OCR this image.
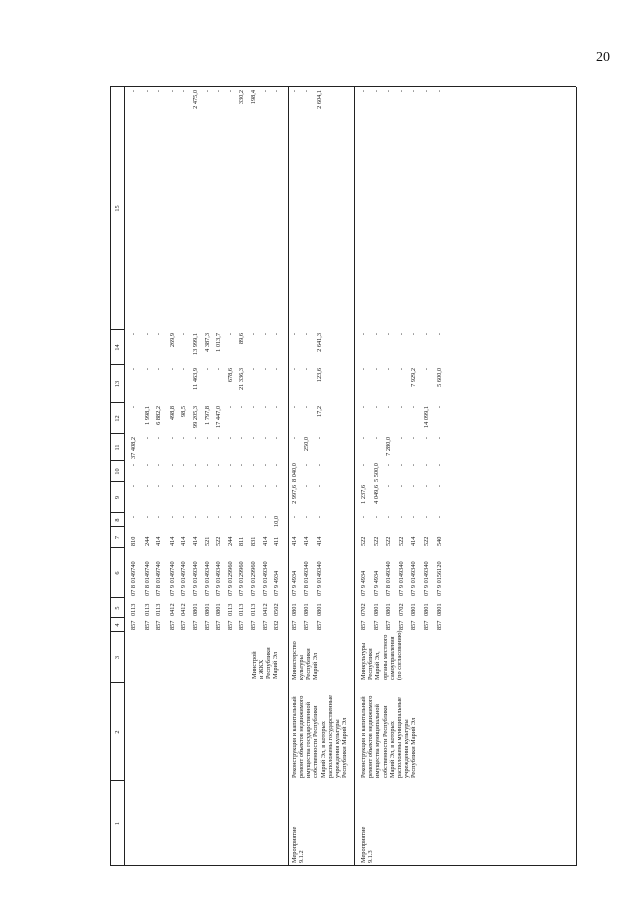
20
1
2
3
4
5
6
7
8
9
10
11
12
13
14
15
857
0113
07 8 0149740
810
-
-
-
37 408,2
-
-
-
-
857
0113
07 8 0149740
244
-
-
-
-
1 998,1
-
-
-
857
0113
07 8 0149740
414
-
-
-
-
6 882,2
-
-
-
857
0412
07 9 0149740
414
-
-
-
-
498,8
-
269,9
-
857
0412
07 9 0149740
414
-
-
-
-
98,5
-
-
-
857
0801
07 9 0149340
414
-
-
-
-
99 205,3
11 463,9
13 999,1
2 475,0
857
0801
07 9 0149340
521
-
-
-
-
1 797,8
-
4 387,3
-
857
0801
07 9 0149340
522
-
-
-
-
17 447,0
-
1 013,7
-
857
0113
07 9 0129960
244
-
-
-
-
-
678,6
-
-
857
0113
07 9 0129960
811
-
-
-
-
-
21 336,3
89,6
330,2
857
0113
07 9 0129960
831
-
-
-
-
-
-
-
198,4
857
0412
07 9 0149340
414
-
-
-
-
-
-
-
-
832
0502
07 9 4934
411
10,0
-
-
-
-
-
-
-
Минстрой
и ЖКХ
Республики
Марий Эл
Мероприятие
9.1.2
Реконструкция и капитальный
ремонт объектов недвижимого
имущества государственной
собственности Республики
Марий Эл, в которых
расположены государственные
учреждения культуры
Республики Марий Эл
Министерство
культуры
Республики
Марий Эл
857
0801
07 9 4934
414
-
2 997,6
8 040,0
-
-
-
-
-
857
0801
07 8 0149340
414
-
-
-
250,0
-
-
-
-
857
0801
07 9 0149340
414
-
-
-
-
17,2
123,6
2 641,3
2 604,1
Мероприятие
9.1.3
Реконструкция и капитальный
ремонт объектов недвижимого
имущества муниципальной
собственности Республики
Марий Эл, в которых
расположены муниципальные
учреждения культуры
Республики Марий Эл
Минкультуры
Республики
Марий Эл,
органы местного
самоуправления
(по согласованию)
857
0702
07 9 4934
522
-
1 237,6
-
-
-
-
-
-
857
0801
07 9 4934
522
-
4 049,6
5 500,0
-
-
-
-
-
857
0801
07 8 0149340
522
-
-
-
7 280,0
-
-
-
-
857
0702
07 9 0149340
522
-
-
-
-
-
-
-
-
857
0801
07 9 0149340
414
-
-
-
-
-
7 929,2
-
-
857
0801
07 9 0149340
522
-
-
-
-
14 099,1
-
-
-
857
0801
07 9 0156120
540
-
-
-
-
-
5 600,0
-
-
